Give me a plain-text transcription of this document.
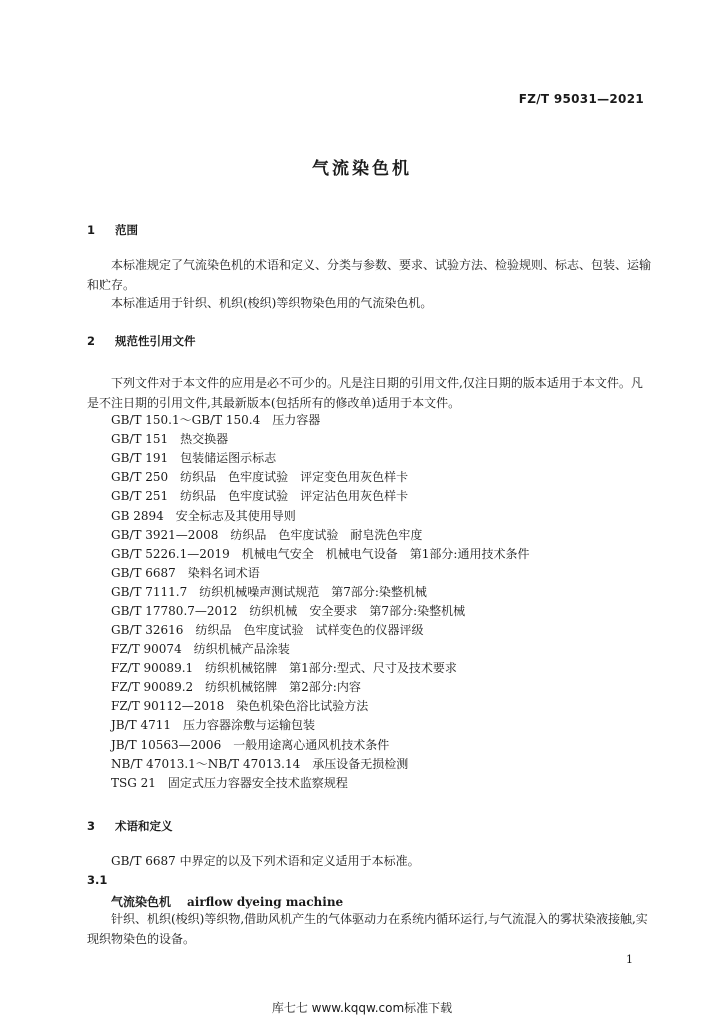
FZ/T 95031—2021
气流染色机
1 范围
本标准规定了气流染色机的术语和定义、分类与参数、要求、试验方法、检验规则、标志、包装、运输和贮存。
本标准适用于针织、机织(梭织)等织物染色用的气流染色机。
2 规范性引用文件
下列文件对于本文件的应用是必不可少的。凡是注日期的引用文件,仅注日期的版本适用于本文件。凡是不注日期的引用文件,其最新版本(包括所有的修改单)适用于本文件。
GB/T 150.1～GB/T 150.4　压力容器
GB/T 151　热交换器
GB/T 191　包装储运图示标志
GB/T 250　纺织品　色牢度试验　评定变色用灰色样卡
GB/T 251　纺织品　色牢度试验　评定沾色用灰色样卡
GB 2894　安全标志及其使用导则
GB/T 3921—2008　纺织品　色牢度试验　耐皂洗色牢度
GB/T 5226.1—2019　机械电气安全　机械电气设备　第1部分:通用技术条件
GB/T 6687　染料名词术语
GB/T 7111.7　纺织机械噪声测试规范　第7部分:染整机械
GB/T 17780.7—2012　纺织机械　安全要求　第7部分:染整机械
GB/T 32616　纺织品　色牢度试验　试样变色的仪器评级
FZ/T 90074　纺织机械产品涂装
FZ/T 90089.1　纺织机械铭牌　第1部分:型式、尺寸及技术要求
FZ/T 90089.2　纺织机械铭牌　第2部分:内容
FZ/T 90112—2018　染色机染色浴比试验方法
JB/T 4711　压力容器涂敷与运输包装
JB/T 10563—2006　一般用途离心通风机技术条件
NB/T 47013.1～NB/T 47013.14　承压设备无损检测
TSG 21　固定式压力容器安全技术监察规程
3 术语和定义
GB/T 6687 中界定的以及下列术语和定义适用于本标准。
3.1
气流染色机 airflow dyeing machine
针织、机织(梭织)等织物,借助风机产生的气体驱动力在系统内循环运行,与气流混入的雾状染液接触,实现织物染色的设备。
1
库七七 www.kqqw.com标准下载
